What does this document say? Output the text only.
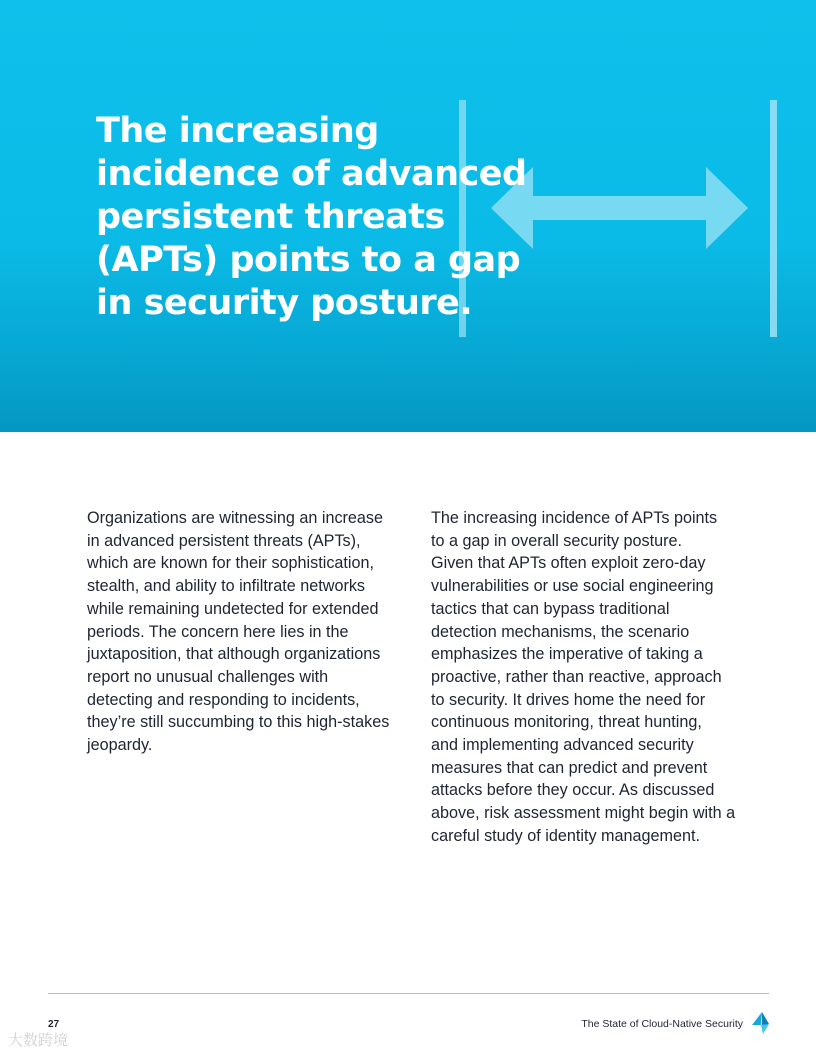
The increasing
incidence of advanced
persistent threats
(APTs) points to a gap
in security posture.
Organizations are witnessing an increase
in advanced persistent threats (APTs),
which are known for their sophistication,
stealth, and ability to infiltrate networks
while remaining undetected for extended
periods. The concern here lies in the
juxtaposition, that although organizations
report no unusual challenges with
detecting and responding to incidents,
they’re still succumbing to this high-stakes
jeopardy.
The increasing incidence of APTs points
to a gap in overall security posture.
Given that APTs often exploit zero-day
vulnerabilities or use social engineering
tactics that can bypass traditional
detection mechanisms, the scenario
emphasizes the imperative of taking a
proactive, rather than reactive, approach
to security. It drives home the need for
continuous monitoring, threat hunting,
and implementing advanced security
measures that can predict and prevent
attacks before they occur. As discussed
above, risk assessment might begin with a
careful study of identity management.
27	The State of Cloud-Native Security
大数跨境
